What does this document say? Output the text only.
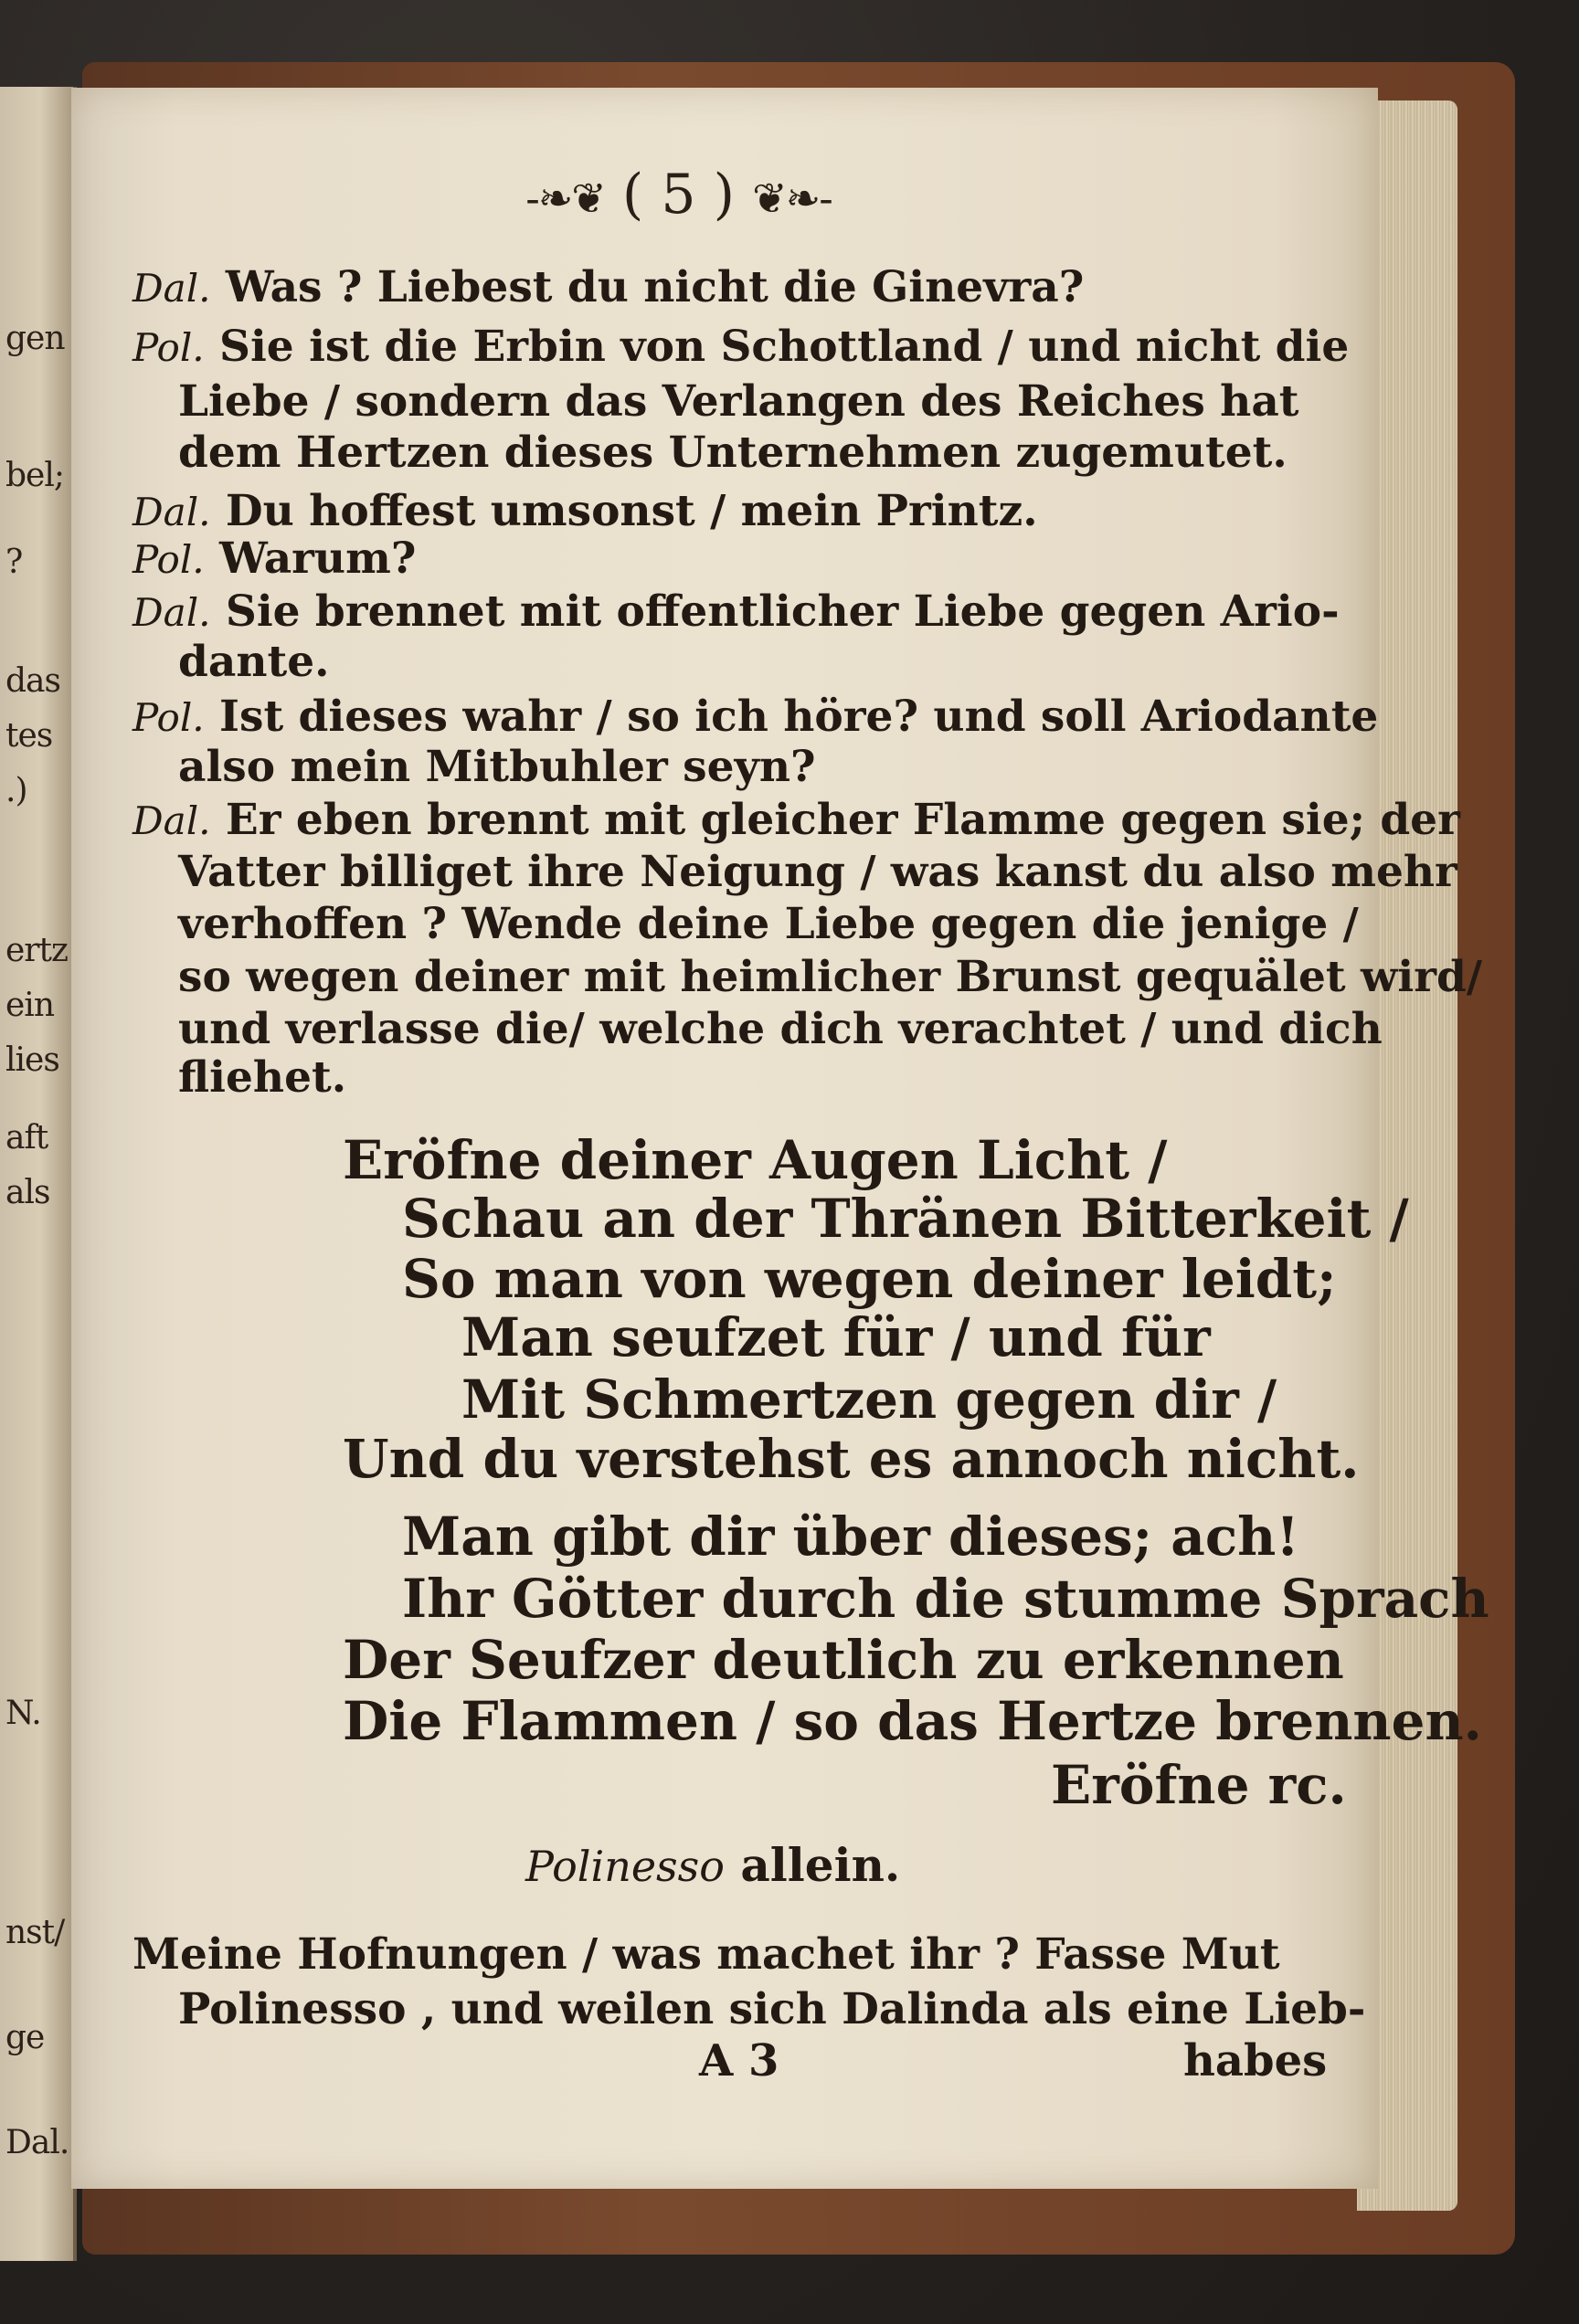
gen
bel;
?
das
tes
.)
ertz
ein
lies
aft
als
N.
nst/
ge
Dal.
-❧❦ ( 5 ) ❦❧-
Dal. Was ? Liebest du nicht die Ginevra?
Pol. Sie ist die Erbin von Schottland / und nicht die
Liebe / sondern das Verlangen des Reiches hat
dem Hertzen dieses Unternehmen zugemutet.
Dal. Du hoffest umsonst / mein Printz.
Pol. Warum?
Dal. Sie brennet mit offentlicher Liebe gegen Ario-
dante.
Pol. Ist dieses wahr / so ich höre? und soll Ariodante
also mein Mitbuhler seyn?
Dal. Er eben brennt mit gleicher Flamme gegen sie; der
Vatter billiget ihre Neigung / was kanst du also mehr
verhoffen ? Wende deine Liebe gegen die jenige /
so wegen deiner mit heimlicher Brunst gequälet wird/
und verlasse die/ welche dich verachtet / und dich
fliehet.
Eröfne deiner Augen Licht /
Schau an der Thränen Bitterkeit /
So man von wegen deiner leidt;
Man seufzet für / und für
Mit Schmertzen gegen dir /
Und du verstehst es annoch nicht.
Man gibt dir über dieses; ach!
Ihr Götter durch die stumme Sprach
Der Seufzer deutlich zu erkennen
Die Flammen / so das Hertze brennen.
Eröfne rc.
Polinesso allein.
Meine Hofnungen / was machet ihr ? Fasse Mut
Polinesso , und weilen sich Dalinda als eine Lieb-
A 3	habes
